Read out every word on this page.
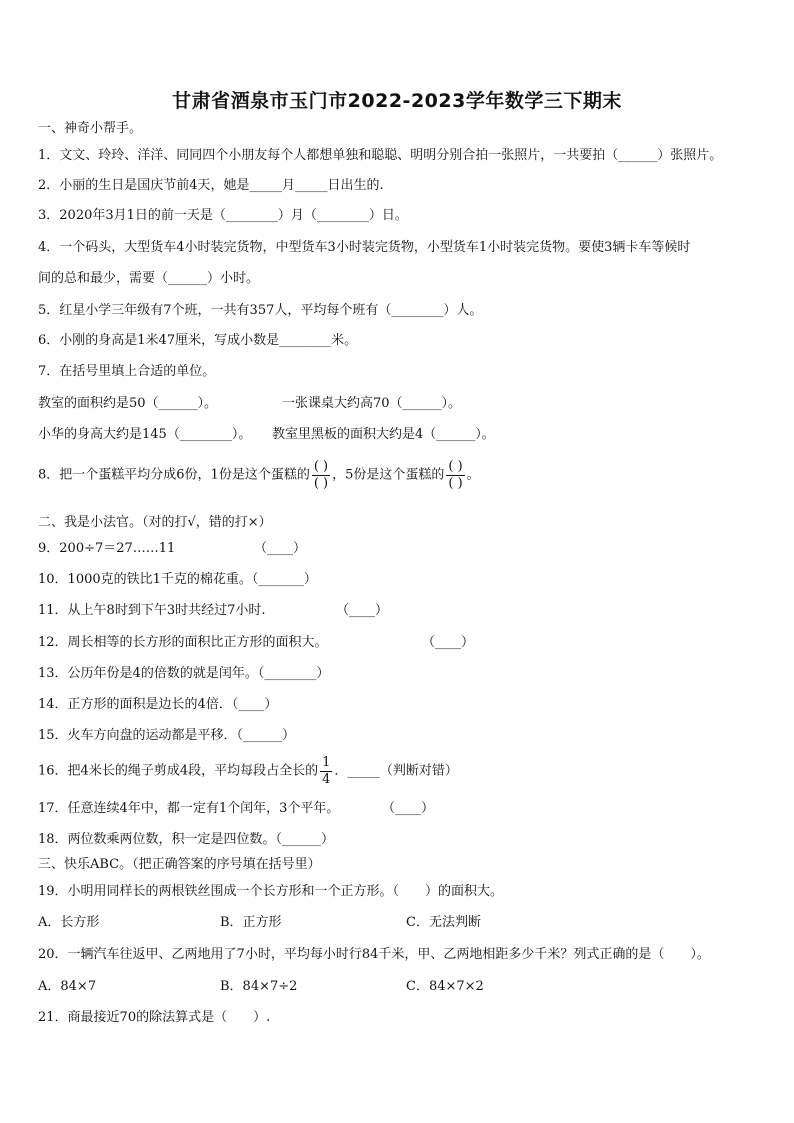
甘肃省酒泉市玉门市2022-2023学年数学三下期末
一、神奇小帮手。
1．文文、玲玲、洋洋、同同四个小朋友每个人都想单独和聪聪、明明分别合拍一张照片，一共要拍（______）张照片。
2．小丽的生日是国庆节前4天，她是_____月_____日出生的.
3．2020年3月1日的前一天是（________）月（________）日。
4．一个码头，大型货车4小时装完货物，中型货车3小时装完货物，小型货车1小时装完货物。要使3辆卡车等候时
间的总和最少，需要（______）小时。
5．红星小学三年级有7个班，一共有357人，平均每个班有（________）人。
6．小刚的身高是1米47厘米，写成小数是________米。
7．在括号里填上合适的单位。
教室的面积约是50（______）。	一张课桌大约高70（______）。
小华的身高大约是145（________）。 教室里黑板的面积大约是4（______）。
8．把一个蛋糕平均分成6份，1份是这个蛋糕的 $\frac{( )}{( )}$ ，5份是这个蛋糕的 $\frac{( )}{( )}$ 。
二、我是小法官。（对的打√，错的打×）
9．200÷7＝27……11	（____）
10．1000克的铁比1千克的棉花重。（_______）
11．从上午8时到下午3时共经过7小时.	（____）
12．周长相等的长方形的面积比正方形的面积大。	（____）
13．公历年份是4的倍数的就是闰年。（________）
14．正方形的面积是边长的4倍．（____）
15．火车方向盘的运动都是平移．（______）
16．把4米长的绳子剪成4段，平均每段占全长的 $\frac{1}{4}$ ．_____（判断对错）
17．任意连续4年中，都一定有1个闰年，3个平年。	（____）
18．两位数乘两位数，积一定是四位数。（______）
三、快乐ABC。（把正确答案的序号填在括号里）
19．小明用同样长的两根铁丝围成一个长方形和一个正方形。（　　）的面积大。
A．长方形	B．正方形	C．无法判断
20．一辆汽车往返甲、乙两地用了7小时，平均每小时行84千米，甲、乙两地相距多少千米？列式正确的是（　　）。
A．84×7	B．84×7÷2	C．84×7×2
21．商最接近70的除法算式是（　　）.
